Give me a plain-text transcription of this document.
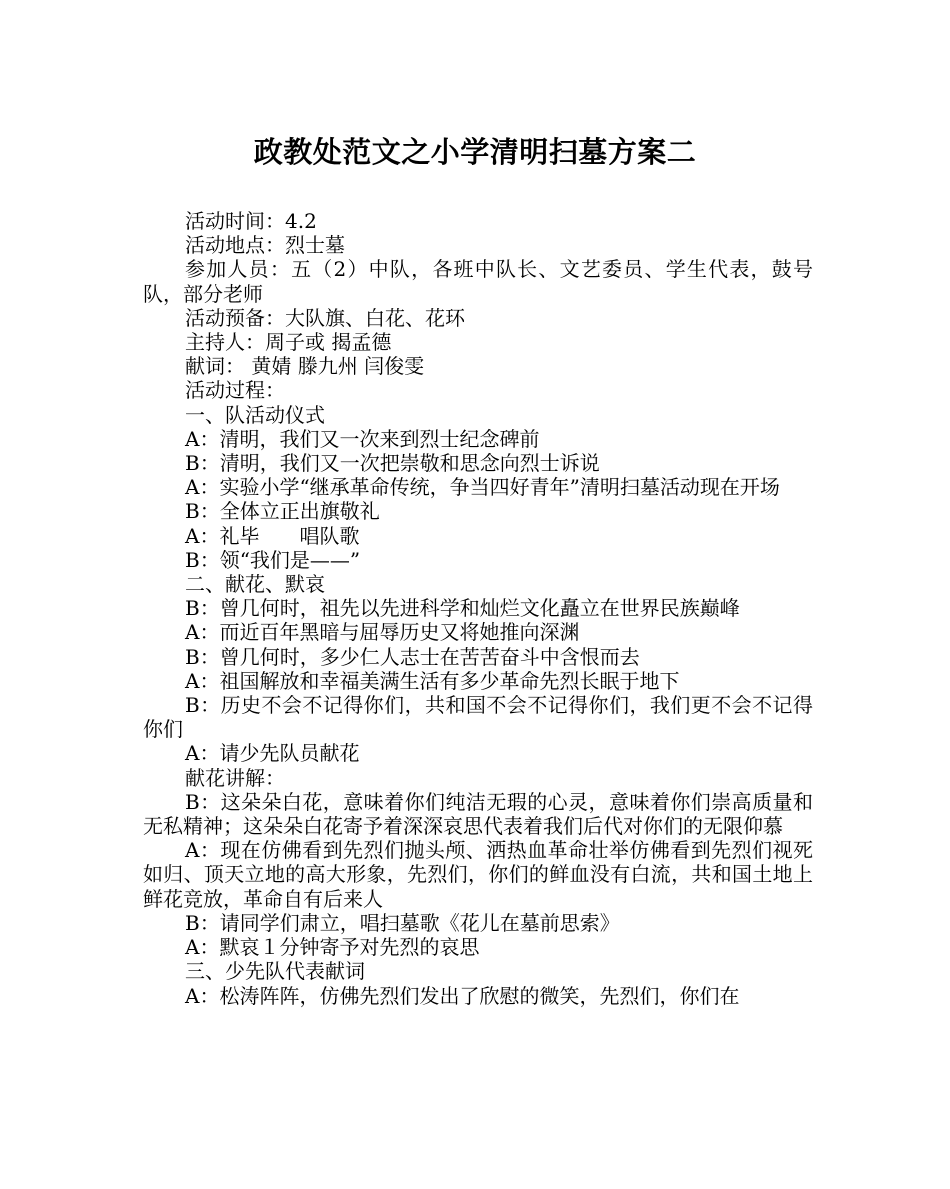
政教处范文之小学清明扫墓方案二

活动时间：4.2

活动地点：烈士墓

参加人员：五（2）中队，各班中队长、文艺委员、学生代表，鼓号队，部分老师

活动预备：大队旗、白花、花环

主持人：周子或 揭孟德

献词： 黄婧 滕九州 闫俊雯

活动过程：

一、队活动仪式

A：清明，我们又一次来到烈士纪念碑前

B：清明，我们又一次把崇敬和思念向烈士诉说

A：实验小学“继承革命传统，争当四好青年”清明扫墓活动现在开场

B：全体立正出旗敬礼

A：礼毕　　唱队歌

B：领“我们是——”

二、献花、默哀

B：曾几何时，祖先以先进科学和灿烂文化矗立在世界民族巅峰

A：而近百年黑暗与屈辱历史又将她推向深渊

B：曾几何时，多少仁人志士在苦苦奋斗中含恨而去

A：祖国解放和幸福美满生活有多少革命先烈长眠于地下

B：历史不会不记得你们，共和国不会不记得你们，我们更不会不记得你们

A：请少先队员献花

献花讲解：

B：这朵朵白花，意味着你们纯洁无瑕的心灵，意味着你们崇高质量和无私精神；这朵朵白花寄予着深深哀思代表着我们后代对你们的无限仰慕

A：现在仿佛看到先烈们抛头颅、洒热血革命壮举仿佛看到先烈们视死如归、顶天立地的高大形象，先烈们，你们的鲜血没有白流，共和国土地上鲜花竞放，革命自有后来人

B：请同学们肃立，唱扫墓歌《花儿在墓前思索》

A：默哀１分钟寄予对先烈的哀思

三、少先队代表献词

A：松涛阵阵，仿佛先烈们发出了欣慰的微笑，先烈们，你们在
